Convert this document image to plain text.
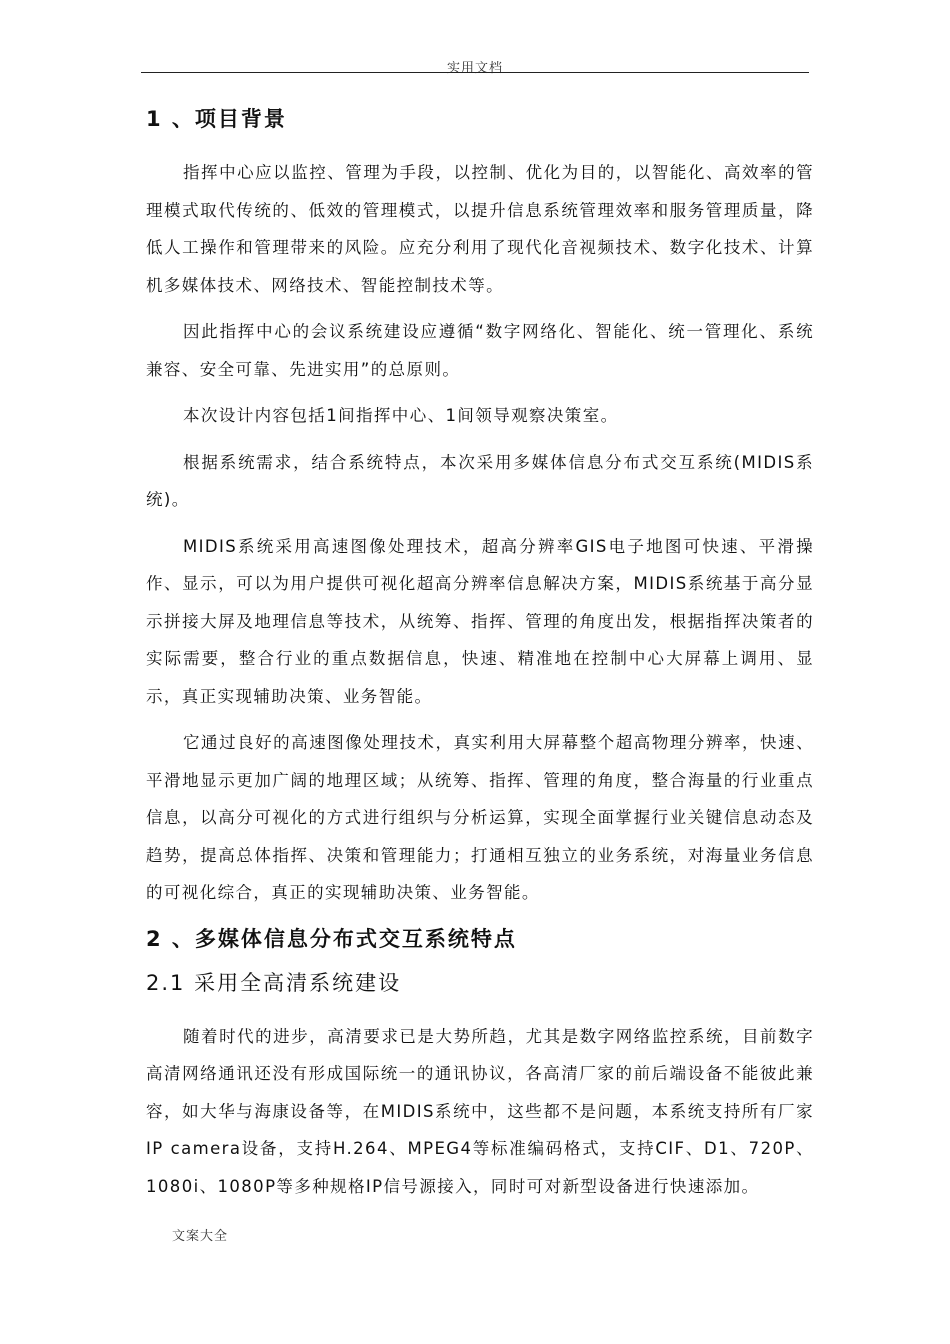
实用文档
1 、项目背景

指挥中心应以监控、管理为手段，以控制、优化为目的，以智能化、高效率的管理模式取代传统的、低效的管理模式，以提升信息系统管理效率和服务管理质量，降低人工操作和管理带来的风险。应充分利用了现代化音视频技术、数字化技术、计算机多媒体技术、网络技术、智能控制技术等。

因此指挥中心的会议系统建设应遵循“数字网络化、智能化、统一管理化、系统兼容、安全可靠、先进实用”的总原则。

本次设计内容包括1间指挥中心、1间领导观察决策室。

根据系统需求，结合系统特点，本次采用多媒体信息分布式交互系统(MIDIS系统)。

MIDIS系统采用高速图像处理技术，超高分辨率GIS电子地图可快速、平滑操作、显示，可以为用户提供可视化超高分辨率信息解决方案，MIDIS系统基于高分显示拼接大屏及地理信息等技术，从统筹、指挥、管理的角度出发，根据指挥决策者的实际需要，整合行业的重点数据信息，快速、精准地在控制中心大屏幕上调用、显示，真正实现辅助决策、业务智能。

它通过良好的高速图像处理技术，真实利用大屏幕整个超高物理分辨率，快速、平滑地显示更加广阔的地理区域；从统筹、指挥、管理的角度，整合海量的行业重点信息，以高分可视化的方式进行组织与分析运算，实现全面掌握行业关键信息动态及趋势，提高总体指挥、决策和管理能力；打通相互独立的业务系统，对海量业务信息的可视化综合，真正的实现辅助决策、业务智能。

2 、多媒体信息分布式交互系统特点
2.1 采用全高清系统建设

随着时代的进步，高清要求已是大势所趋，尤其是数字网络监控系统，目前数字高清网络通讯还没有形成国际统一的通讯协议，各高清厂家的前后端设备不能彼此兼容，如大华与海康设备等，在MIDIS系统中，这些都不是问题，本系统支持所有厂家IP camera设备，支持H.264、MPEG4等标准编码格式，支持CIF、D1、720P、1080i、1080P等多种规格IP信号源接入，同时可对新型设备进行快速添加。

文案大全
